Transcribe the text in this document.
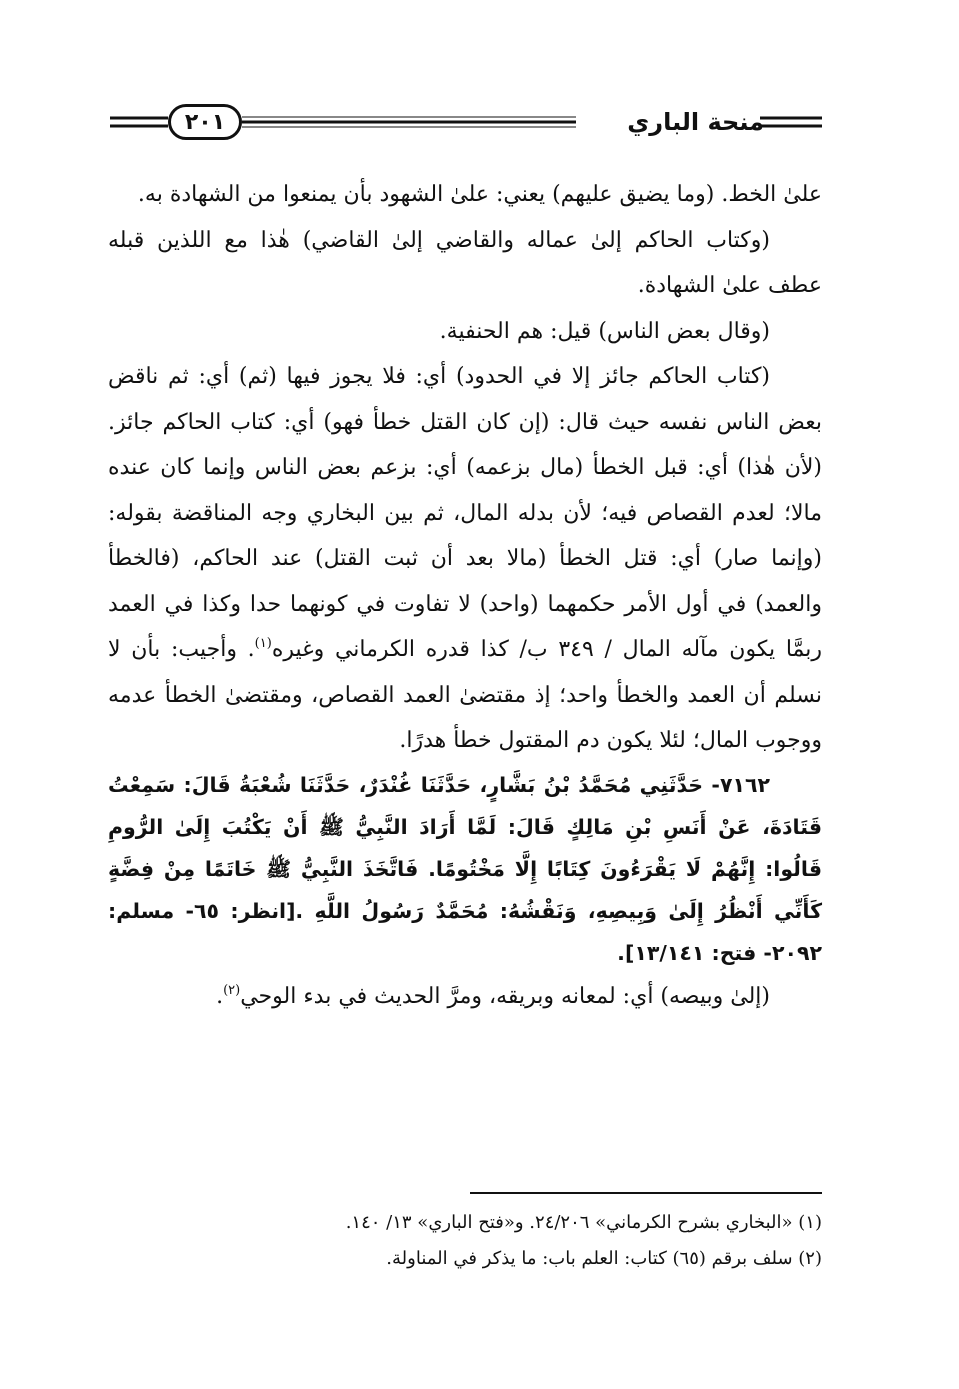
منحة الباري
٢٠١

علىٰ الخط. (وما يضيق عليهم) يعني: علىٰ الشهود بأن يمنعوا من الشهادة به.

(وكتاب الحاكم إلىٰ عماله والقاضي إلىٰ القاضي) هٰذا مع اللذين قبله عطف علىٰ الشهادة.

(وقال بعض الناس) قيل: هم الحنفية.

(كتاب الحاكم جائز إلا في الحدود) أي: فلا يجوز فيها (ثم) أي: ثم ناقض بعض الناس نفسه حيث قال: (إن كان القتل خطأ فهو) أي: كتاب الحاكم جائز. (لأن هٰذا) أي: قبل الخطأ (مال بزعمه) أي: بزعم بعض الناس وإنما كان عنده مالا؛ لعدم القصاص فيه؛ لأن بدله المال، ثم بين البخاري وجه المناقضة بقوله: (وإنما صار) أي: قتل الخطأ (مالا بعد أن ثبت القتل) عند الحاكم، (فالخطأ والعمد) في أول الأمر حكمهما (واحد) لا تفاوت في كونهما حدا وكذا في العمد ربمَّا يكون مآله المال / ٣٤٩ ب/ كذا قدره الكرماني وغيره$^{(١)}$. وأجيب: بأن لا نسلم أن العمد والخطأ واحد؛ إذ مقتضىٰ العمد القصاص، ومقتضىٰ الخطأ عدمه ووجوب المال؛ لئلا يكون دم المقتول خطأ هدرًا.

٧١٦٢- حَدَّثَنِي مُحَمَّدُ بْنُ بَشَّارٍ، حَدَّثَنَا غُنْدَرٌ، حَدَّثَنَا شُعْبَةُ قَالَ: سَمِعْتُ قَتَادَةَ، عَنْ أَنَسِ بْنِ مَالِكٍ قَالَ: لَمَّا أَرَادَ النَّبِيُّ ﷺ أَنْ يَكْتُبَ إِلَىٰ الرُّومِ قَالُوا: إِنَّهُمْ لَا يَقْرَءُونَ كِتَابًا إِلَّا مَخْتُومًا. فَاتَّخَذَ النَّبِيُّ ﷺ خَاتَمًا مِنْ فِضَّةٍ كَأَنِّي أَنْظُرُ إِلَىٰ وَبِيصِهِ، وَنَقْشُهُ: مُحَمَّدٌ رَسُولُ اللَّهِ .[انظر: ٦٥- مسلم: ٢٠٩٢- فتح: ١٣/١٤١].

(إلىٰ وبيصه) أي: لمعانه وبريقه، ومرَّ الحديث في بدء الوحي$^{(٢)}$.

(١) «البخاري بشرح الكرماني» ٢٤/٢٠٦. و«فتح الباري» ١٣/ ١٤٠.

(٢) سلف برقم (٦٥) كتاب: العلم باب: ما يذكر في المناولة.
